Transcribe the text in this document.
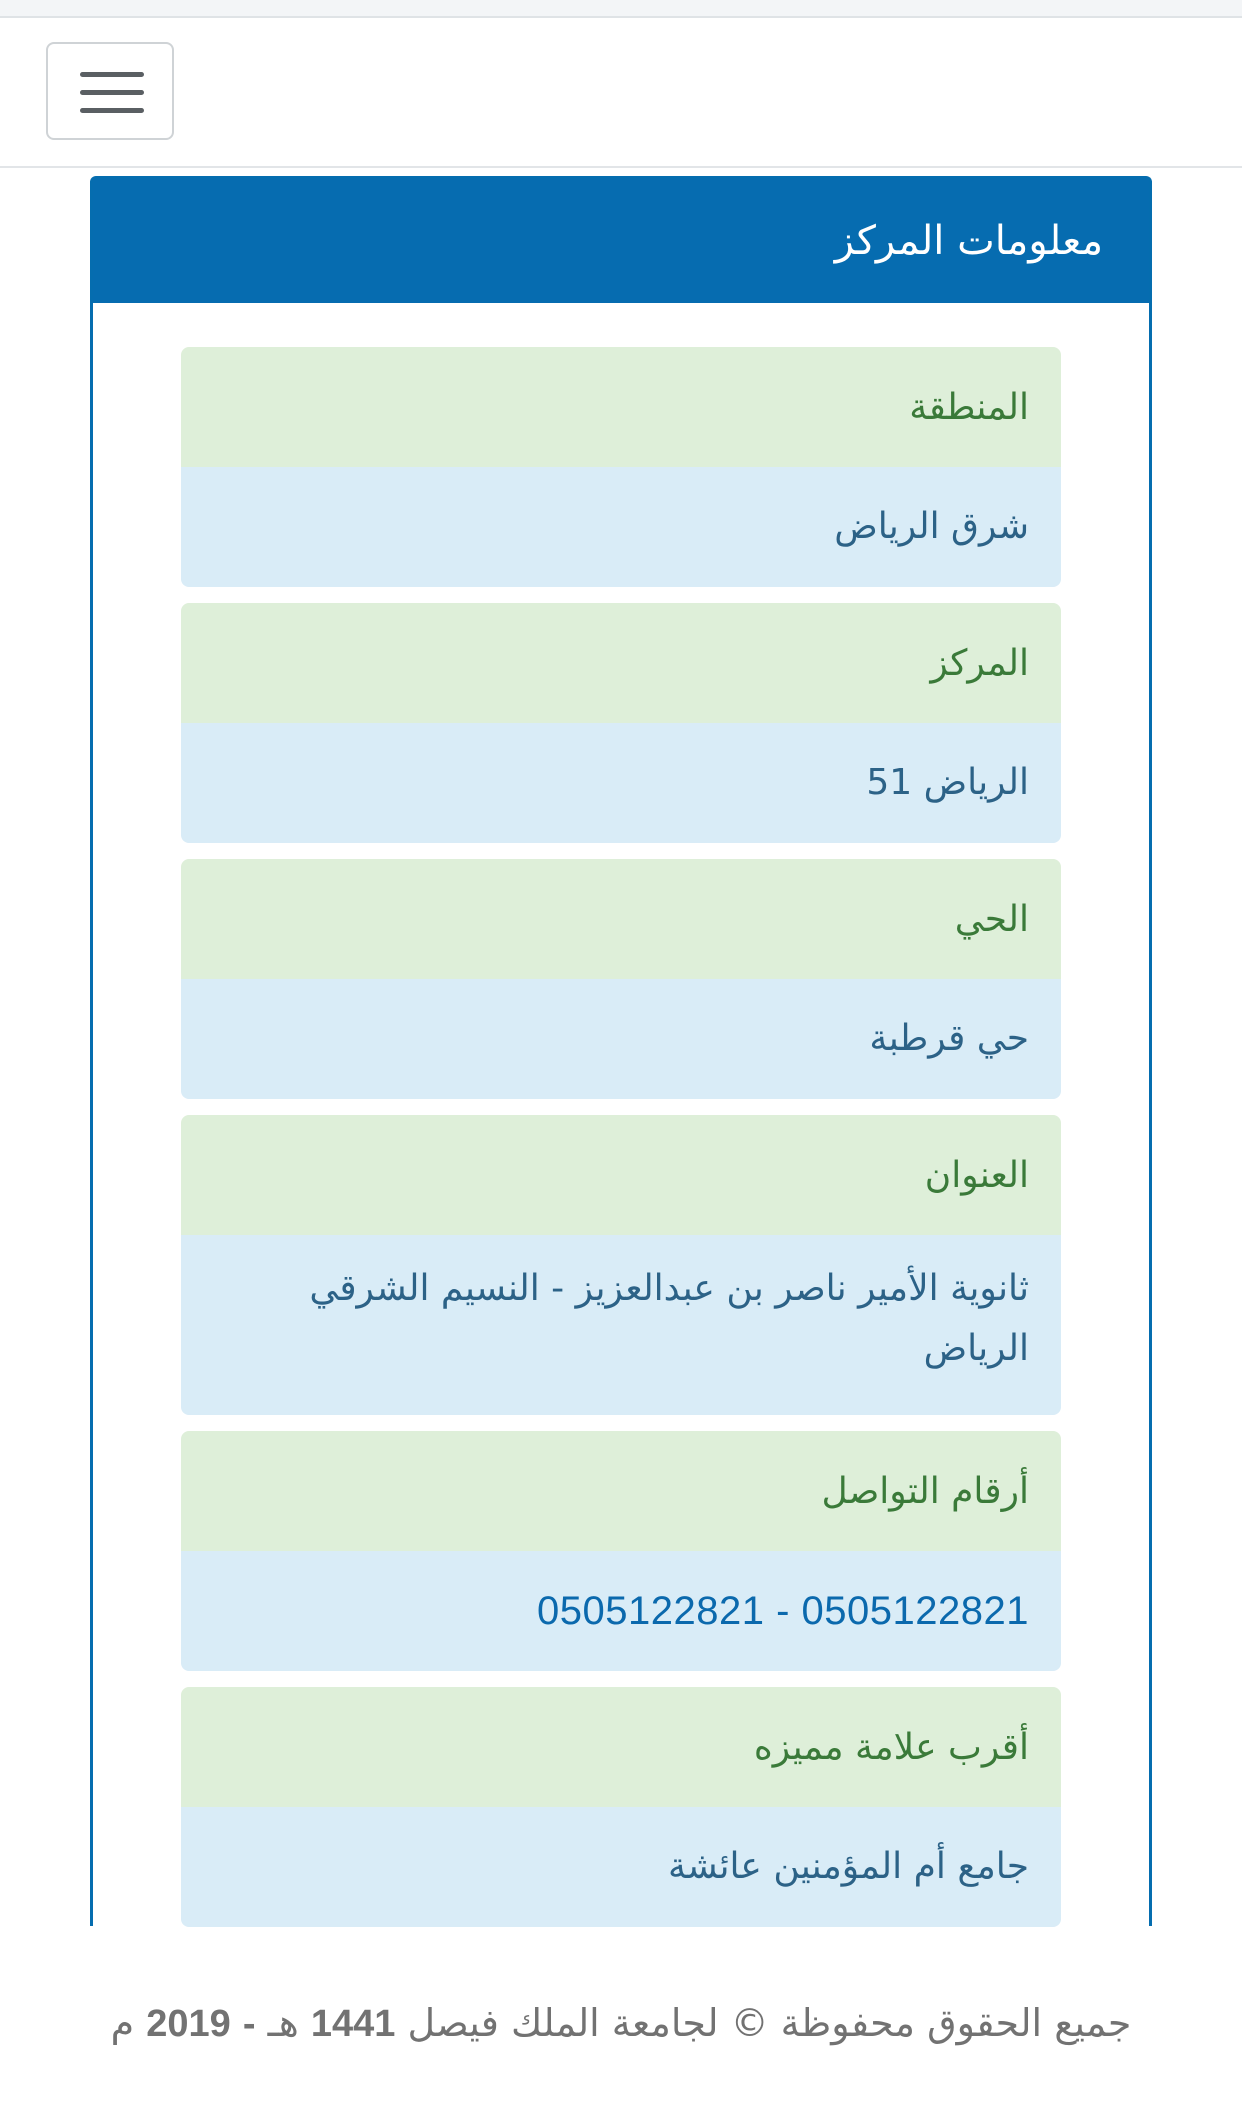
معلومات المركز
المنطقة
شرق الرياض
المركز
الرياض 51
الحي
حي قرطبة
العنوان
ثانوية الأمير ناصر بن عبدالعزيز - النسيم الشرقي الرياض
أرقام التواصل
0505122821 - 0505122821
أقرب علامة مميزه
جامع أم المؤمنين عائشة
جميع الحقوق محفوظة © لجامعة الملك فيصل 1441 هـ - 2019 م
